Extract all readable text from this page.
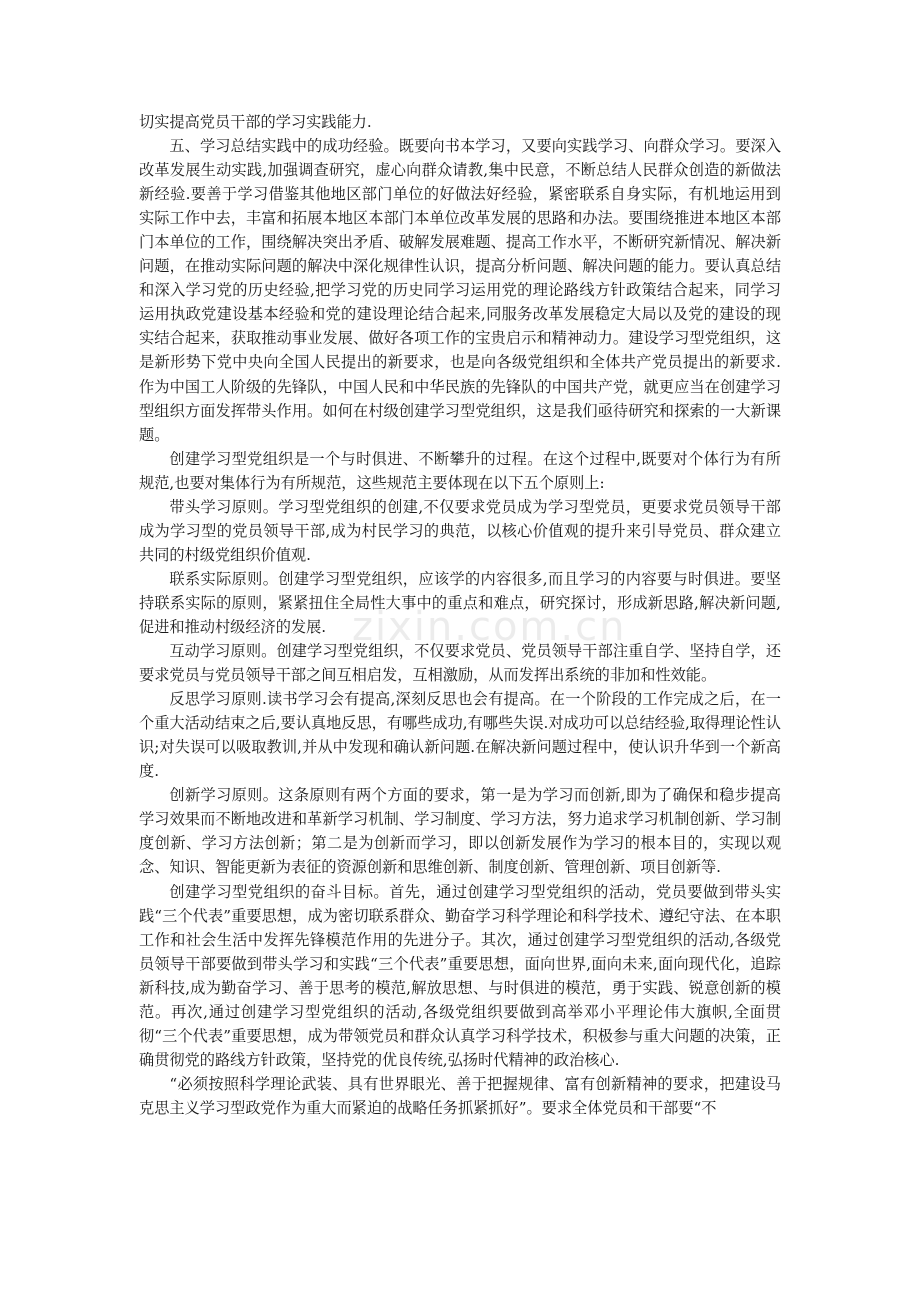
切实提高党员干部的学习实践能力.

五、学习总结实践中的成功经验。既要向书本学习，又要向实践学习、向群众学习。要深入改革发展生动实践,加强调查研究，虚心向群众请教,集中民意，不断总结人民群众创造的新做法新经验.要善于学习借鉴其他地区部门单位的好做法好经验，紧密联系自身实际，有机地运用到实际工作中去，丰富和拓展本地区本部门本单位改革发展的思路和办法。要围绕推进本地区本部门本单位的工作，围绕解决突出矛盾、破解发展难题、提高工作水平，不断研究新情况、解决新问题，在推动实际问题的解决中深化规律性认识，提高分析问题、解决问题的能力。要认真总结和深入学习党的历史经验,把学习党的历史同学习运用党的理论路线方针政策结合起来，同学习运用执政党建设基本经验和党的建设理论结合起来,同服务改革发展稳定大局以及党的建设的现实结合起来，获取推动事业发展、做好各项工作的宝贵启示和精神动力。建设学习型党组织，这是新形势下党中央向全国人民提出的新要求，也是向各级党组织和全体共产党员提出的新要求.作为中国工人阶级的先锋队，中国人民和中华民族的先锋队的中国共产党，就更应当在创建学习型组织方面发挥带头作用。如何在村级创建学习型党组织，这是我们亟待研究和探索的一大新课题。

创建学习型党组织是一个与时俱进、不断攀升的过程。在这个过程中,既要对个体行为有所规范,也要对集体行为有所规范，这些规范主要体现在以下五个原则上:

带头学习原则。学习型党组织的创建,不仅要求党员成为学习型党员，更要求党员领导干部成为学习型的党员领导干部,成为村民学习的典范，以核心价值观的提升来引导党员、群众建立共同的村级党组织价值观.

联系实际原则。创建学习型党组织，应该学的内容很多,而且学习的内容要与时俱进。要坚持联系实际的原则，紧紧扭住全局性大事中的重点和难点，研究探讨，形成新思路,解决新问题,促进和推动村级经济的发展.

互动学习原则。创建学习型党组织，不仅要求党员、党员领导干部注重自学、坚持自学，还要求党员与党员领导干部之间互相启发，互相激励，从而发挥出系统的非加和性效能。

反思学习原则.读书学习会有提高,深刻反思也会有提高。在一个阶段的工作完成之后，在一个重大活动结束之后,要认真地反思，有哪些成功,有哪些失误.对成功可以总结经验,取得理论性认识;对失误可以吸取教训,并从中发现和确认新问题.在解决新问题过程中，使认识升华到一个新高度.

创新学习原则。这条原则有两个方面的要求，第一是为学习而创新,即为了确保和稳步提高学习效果而不断地改进和革新学习机制、学习制度、学习方法，努力追求学习机制创新、学习制度创新、学习方法创新；第二是为创新而学习，即以创新发展作为学习的根本目的，实现以观念、知识、智能更新为表征的资源创新和思维创新、制度创新、管理创新、项目创新等.

创建学习型党组织的奋斗目标。首先，通过创建学习型党组织的活动，党员要做到带头实践“三个代表”重要思想，成为密切联系群众、勤奋学习科学理论和科学技术、遵纪守法、在本职工作和社会生活中发挥先锋模范作用的先进分子。其次，通过创建学习型党组织的活动,各级党员领导干部要做到带头学习和实践“三个代表”重要思想，面向世界,面向未来,面向现代化，追踪新科技,成为勤奋学习、善于思考的模范,解放思想、与时俱进的模范，勇于实践、锐意创新的模范。再次,通过创建学习型党组织的活动,各级党组织要做到高举邓小平理论伟大旗帜,全面贯彻“三个代表”重要思想，成为带领党员和群众认真学习科学技术，积极参与重大问题的决策，正确贯彻党的路线方针政策，坚持党的优良传统,弘扬时代精神的政治核心.

“必须按照科学理论武装、具有世界眼光、善于把握规律、富有创新精神的要求，把建设马克思主义学习型政党作为重大而紧迫的战略任务抓紧抓好”。要求全体党员和干部要“不

zixin.com.cn
